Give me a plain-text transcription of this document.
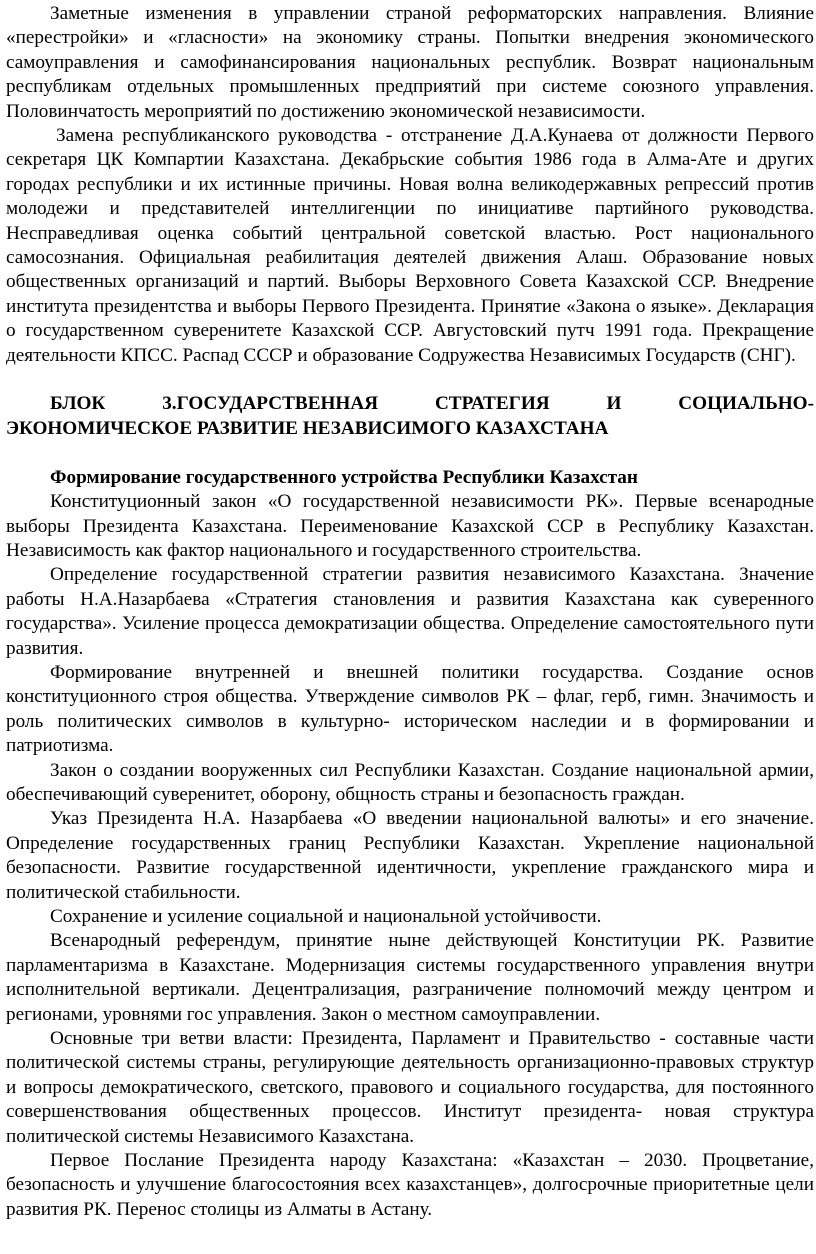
Заметные изменения в управлении страной реформаторских направления. Влияние «перестройки» и «гласности» на экономику страны. Попытки внедрения экономического самоуправления и самофинансирования национальных республик. Возврат национальным республикам отдельных промышленных предприятий при системе союзного управления. Половинчатость мероприятий по достижению экономической независимости.

Замена республиканского руководства - отстранение Д.А.Кунаева от должности Первого секретаря ЦК Компартии Казахстана. Декабрьские события 1986 года в Алма-Ате и других городах республики и их истинные причины. Новая волна великодержавных репрессий против молодежи и представителей интеллигенции по инициативе партийного руководства. Несправедливая оценка событий центральной советской властью. Рост национального самосознания. Официальная реабилитация деятелей движения Алаш. Образование новых общественных организаций и партий. Выборы Верховного Совета Казахской ССР. Внедрение института президентства и выборы Первого Президента. Принятие «Закона о языке». Декларация о государственном суверенитете Казахской ССР. Августовский путч 1991 года. Прекращение деятельности КПСС. Распад СССР и образование Содружества Независимых Государств (СНГ).

БЛОК 3.ГОСУДАРСТВЕННАЯ СТРАТЕГИЯ И СОЦИАЛЬНО-
ЭКОНОМИЧЕСКОЕ РАЗВИТИЕ НЕЗАВИСИМОГО КАЗАХСТАНА

Формирование государственного устройства Республики Казахстан

Конституционный закон «О государственной независимости РК». Первые всенародные выборы Президента Казахстана. Переименование Казахской ССР в Республику Казахстан. Независимость как фактор национального и государственного строительства.

Определение государственной стратегии развития независимого Казахстана. Значение работы Н.А.Назарбаева «Стратегия становления и развития Казахстана как суверенного государства». Усиление процесса демократизации общества. Определение самостоятельного пути развития.

Формирование внутренней и внешней политики государства. Создание основ конституционного строя общества. Утверждение символов РК – флаг, герб, гимн. Значимость и роль политических символов в культурно- историческом наследии и в формировании и патриотизма.

Закон о создании вооруженных сил Республики Казахстан. Создание национальной армии, обеспечивающий суверенитет, оборону, общность страны и безопасность граждан.

Указ Президента Н.А. Назарбаева «О введении национальной валюты» и его значение. Определение государственных границ Республики Казахстан. Укрепление национальной безопасности. Развитие государственной идентичности, укрепление гражданского мира и политической стабильности.

Сохранение и усиление социальной и национальной устойчивости.

Всенародный референдум, принятие ныне действующей Конституции РК. Развитие парламентаризма в Казахстане. Модернизация системы государственного управления внутри исполнительной вертикали. Децентрализация, разграничение полномочий между центром и регионами, уровнями гос управления. Закон о местном самоуправлении.

Основные три ветви власти: Президента, Парламент и Правительство - составные части политической системы страны, регулирующие деятельность организационно-правовых структур и вопросы демократического, светского, правового и социального государства, для постоянного совершенствования общественных процессов. Институт президента- новая структура политической системы Независимого Казахстана.

Первое Послание Президента народу Казахстана: «Казахстан – 2030. Процветание, безопасность и улучшение благосостояния всех казахстанцев», долгосрочные приоритетные цели развития РК. Перенос столицы из Алматы в Астану.
